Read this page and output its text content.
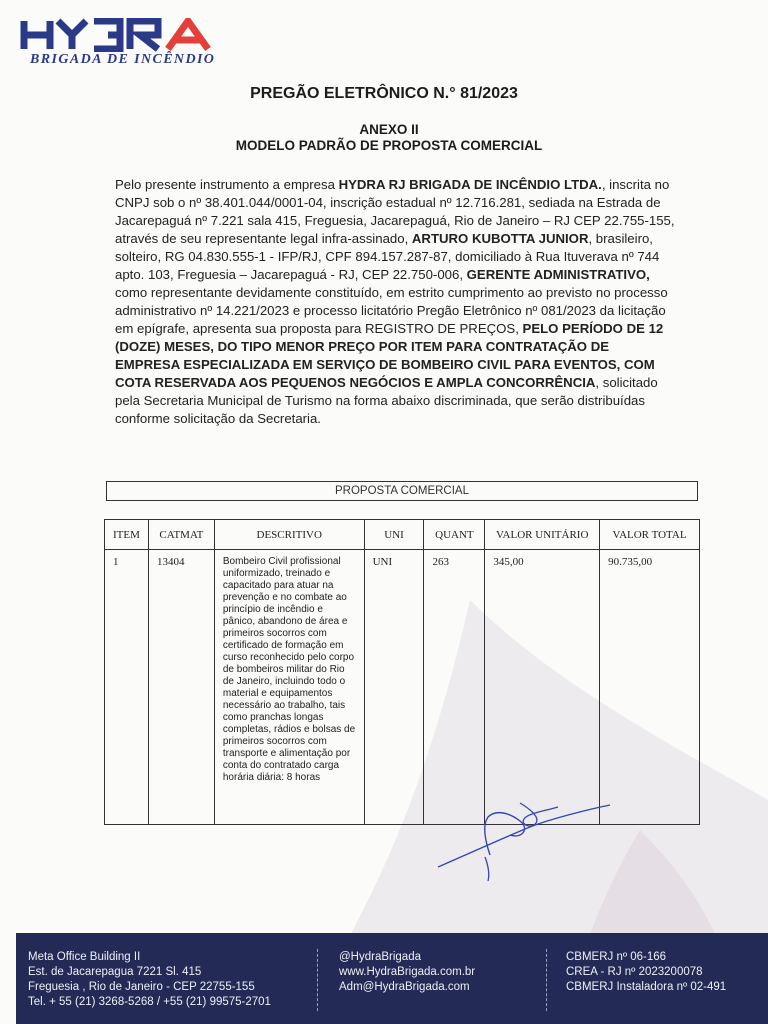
BRIGADA DE INCÊNDIO
PREGÃO ELETRÔNICO N.° 81/2023
ANEXO II
MODELO PADRÃO DE PROPOSTA COMERCIAL

Pelo presente instrumento a empresa HYDRA RJ BRIGADA DE INCÊNDIO LTDA., inscrita no CNPJ sob o nº 38.401.044/0001-04, inscrição estadual nº 12.716.281, sediada na Estrada de Jacarepaguá nº 7.221 sala 415, Freguesia, Jacarepaguá, Rio de Janeiro – RJ CEP 22.755-155, através de seu representante legal infra-assinado, ARTURO KUBOTTA JUNIOR, brasileiro, solteiro, RG 04.830.555-1 - IFP/RJ, CPF 894.157.287-87, domiciliado à Rua Ituverava nº 744 apto. 103, Freguesia – Jacarepaguá - RJ, CEP 22.750-006, GERENTE ADMINISTRATIVO, como representante devidamente constituído, em estrito cumprimento ao previsto no processo administrativo nº 14.221/2023 e processo licitatório Pregão Eletrônico nº 081/2023 da licitação em epígrafe, apresenta sua proposta para REGISTRO DE PREÇOS, PELO PERÍODO DE 12 (DOZE) MESES, DO TIPO MENOR PREÇO POR ITEM PARA CONTRATAÇÃO DE EMPRESA ESPECIALIZADA EM SERVIÇO DE BOMBEIRO CIVIL PARA EVENTOS, COM COTA RESERVADA AOS PEQUENOS NEGÓCIOS E AMPLA CONCORRÊNCIA, solicitado pela Secretaria Municipal de Turismo na forma abaixo discriminada, que serão distribuídas conforme solicitação da Secretaria.

PROPOSTA COMERCIAL
ITEM	CATMAT	DESCRITIVO	UNI	QUANT	VALOR UNITÁRIO	VALOR TOTAL
1	13404	Bombeiro Civil profissional uniformizado, treinado e capacitado para atuar na prevenção e no combate ao princípio de incêndio e pânico, abandono de área e primeiros socorros com certificado de formação em curso reconhecido pelo corpo de bombeiros militar do Rio de Janeiro, incluindo todo o material e equipamentos necessário ao trabalho, tais como pranchas longas completas, rádios e bolsas de primeiros socorros com transporte e alimentação por conta do contratado carga horária diária: 8 horas	UNI	263	345,00	90.735,00
Meta Office Building II
Est. de Jacarepagua 7221 Sl. 415
Freguesia , Rio de Janeiro - CEP 22755-155
Tel. + 55 (21) 3268-5268 / +55 (21) 99575-2701
@HydraBrigada
www.HydraBrigada.com.br
Adm@HydraBrigada.com
CBMERJ nº 06-166
CREA - RJ nº 2023200078
CBMERJ Instaladora nº 02-491
